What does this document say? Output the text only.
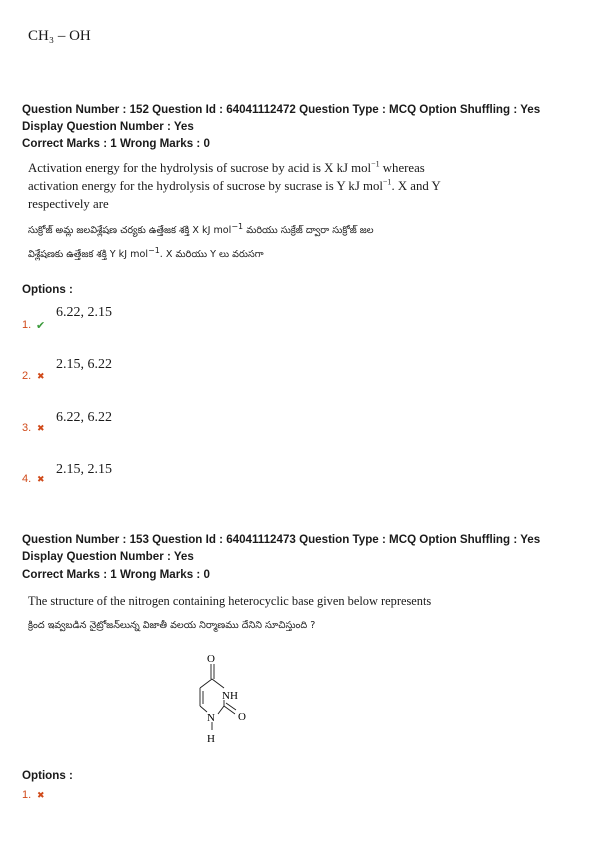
CH₃ – OH
Question Number : 152 Question Id : 64041112472 Question Type : MCQ Option Shuffling : Yes
Display Question Number : Yes
Correct Marks : 1 Wrong Marks : 0
Activation energy for the hydrolysis of sucrose by acid is X kJ mol$^{-1}$ whereas
activation energy for the hydrolysis of sucrose by sucrase is Y kJ mol$^{-1}$. X and Y
respectively are
సుక్రోజ్ అమ్ల జలవిశ్లేషణ చర్యకు ఉత్తేజక శక్తి X kJ mol$^{-1}$ మరియు సుక్రేజ్ ద్వారా సుక్రోజ్ జల
విశ్లేషణకు ఉత్తేజక శక్తి Y kJ mol$^{-1}$. X మరియు Y లు వరుసగా
Options :
1. ✔
6.22, 2.15
2. ✖
2.15, 6.22
3. ✖
6.22, 6.22
4. ✖
2.15, 2.15
Question Number : 153 Question Id : 64041112473 Question Type : MCQ Option Shuffling : Yes
Display Question Number : Yes
Correct Marks : 1 Wrong Marks : 0
The structure of the nitrogen containing heterocyclic base given below represents
క్రింద ఇవ్వబడిన నైట్రోజన్‌లున్న విజాతీ వలయ నిర్మాణము దేనిని సూచిస్తుంది ?
O
NH
N O
H
Options :
1. ✖
